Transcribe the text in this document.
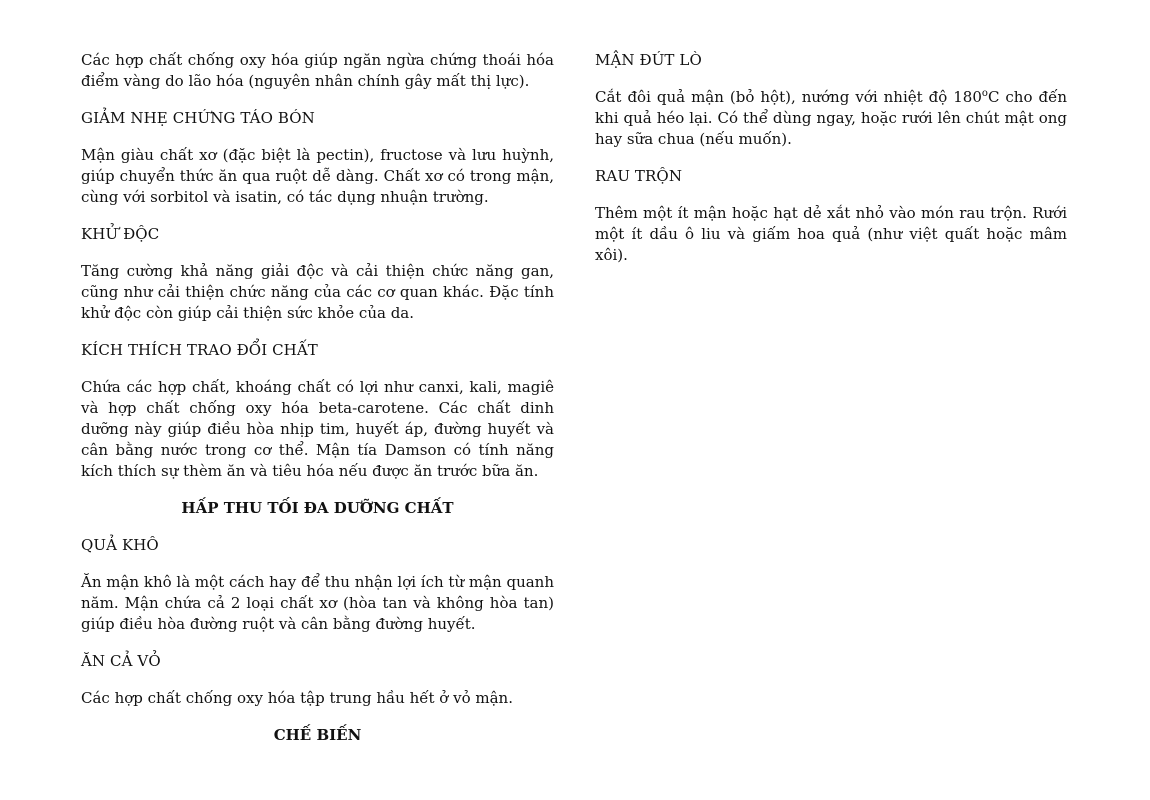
Các hợp chất chống oxy hóa giúp ngăn ngừa chứng thoái hóa điểm vàng do lão hóa (nguyên nhân chính gây mất thị lực).

GIẢM NHẸ CHỨNG TÁO BÓN

Mận giàu chất xơ (đặc biệt là pectin), fructose và lưu huỳnh, giúp chuyển thức ăn qua ruột dễ dàng. Chất xơ có trong mận, cùng với sorbitol và isatin, có tác dụng nhuận trường.

KHỬ ĐỘC

Tăng cường khả năng giải độc và cải thiện chức năng gan, cũng như cải thiện chức năng của các cơ quan khác. Đặc tính khử độc còn giúp cải thiện sức khỏe của da.

KÍCH THÍCH TRAO ĐỔI CHẤT

Chứa các hợp chất, khoáng chất có lợi như canxi, kali, magiê và hợp chất chống oxy hóa beta-carotene. Các chất dinh dưỡng này giúp điều hòa nhịp tim, huyết áp, đường huyết và cân bằng nước trong cơ thể. Mận tía Damson có tính năng kích thích sự thèm ăn và tiêu hóa nếu được ăn trước bữa ăn.

HẤP THU TỐI ĐA DƯỠNG CHẤT

QUẢ KHÔ

Ăn mận khô là một cách hay để thu nhận lợi ích từ mận quanh năm. Mận chứa cả 2 loại chất xơ (hòa tan và không hòa tan) giúp điều hòa đường ruột và cân bằng đường huyết.

ĂN CẢ VỎ

Các hợp chất chống oxy hóa tập trung hầu hết ở vỏ mận.

CHẾ BIẾN

MẬN ĐÚT LÒ

Cắt đôi quả mận (bỏ hột), nướng với nhiệt độ 180$^o$C cho đến khi quả héo lại. Có thể dùng ngay, hoặc rưới lên chút mật ong hay sữa chua (nếu muốn).

RAU TRỘN

Thêm một ít mận hoặc hạt dẻ xắt nhỏ vào món rau trộn. Rưới một ít dầu ô liu và giấm hoa quả (như việt quất hoặc mâm xôi).
